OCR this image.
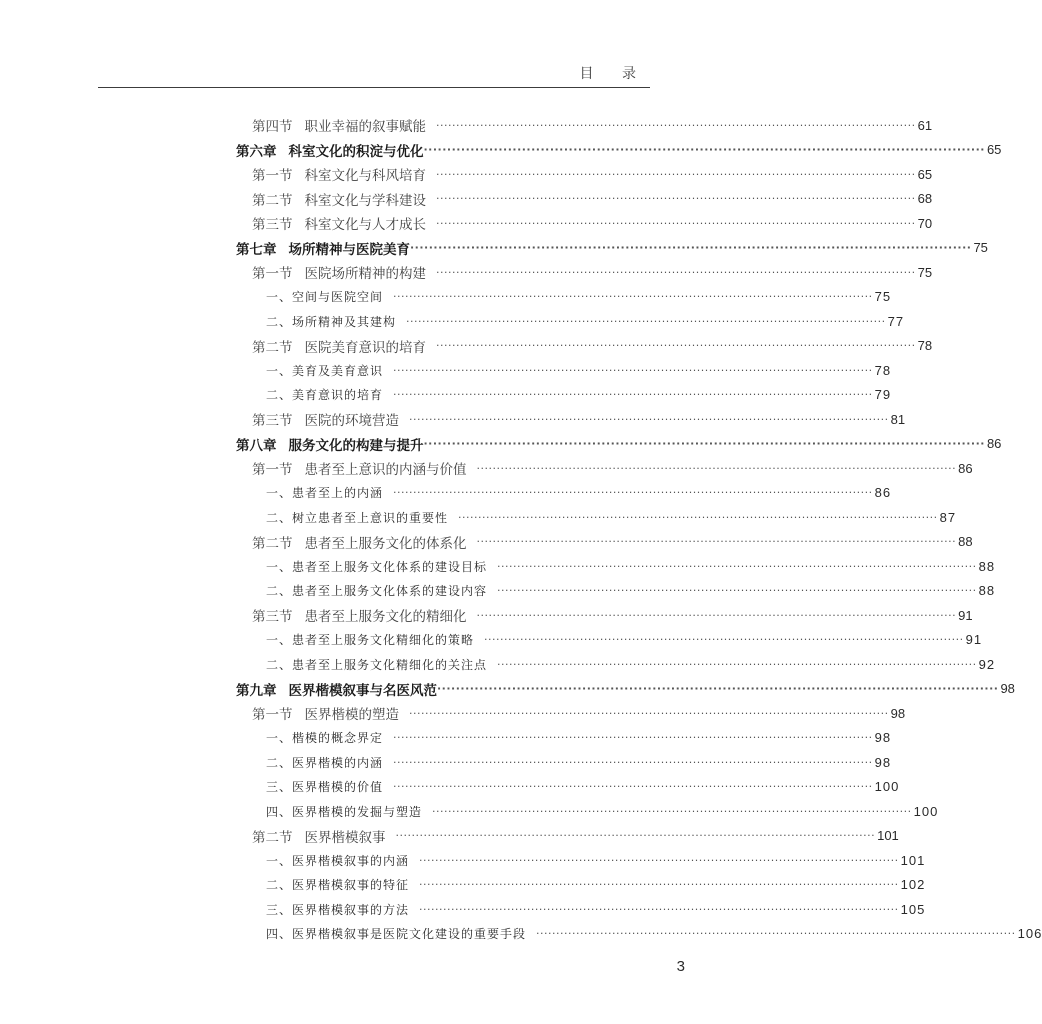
目 录
第四节 职业幸福的叙事赋能 ························································································································ 61
第六章 科室文化的积淀与优化 ························································································································ 65
第一节 科室文化与科风培育 ························································································································ 65
第二节 科室文化与学科建设 ························································································································ 68
第三节 科室文化与人才成长 ························································································································ 70
第七章 场所精神与医院美育 ························································································································ 75
第一节 医院场所精神的构建 ························································································································ 75
一、空间与医院空间 ························································································································ 75
二、场所精神及其建构 ························································································································ 77
第二节 医院美育意识的培育 ························································································································ 78
一、美育及美育意识 ························································································································ 78
二、美育意识的培育 ························································································································ 79
第三节 医院的环境营造 ························································································································ 81
第八章 服务文化的构建与提升 ························································································································ 86
第一节 患者至上意识的内涵与价值 ························································································································ 86
一、患者至上的内涵 ························································································································ 86
二、树立患者至上意识的重要性 ························································································································ 87
第二节 患者至上服务文化的体系化 ························································································································ 88
一、患者至上服务文化体系的建设目标 ························································································································ 88
二、患者至上服务文化体系的建设内容 ························································································································ 88
第三节 患者至上服务文化的精细化 ························································································································ 91
一、患者至上服务文化精细化的策略 ························································································································ 91
二、患者至上服务文化精细化的关注点 ························································································································ 92
第九章 医界楷模叙事与名医风范 ························································································································ 98
第一节 医界楷模的塑造 ························································································································ 98
一、楷模的概念界定 ························································································································ 98
二、医界楷模的内涵 ························································································································ 98
三、医界楷模的价值 ························································································································ 100
四、医界楷模的发掘与塑造 ························································································································ 100
第二节 医界楷模叙事 ························································································································ 101
一、医界楷模叙事的内涵 ························································································································ 101
二、医界楷模叙事的特征 ························································································································ 102
三、医界楷模叙事的方法 ························································································································ 105
四、医界楷模叙事是医院文化建设的重要手段 ························································································································ 106
3
